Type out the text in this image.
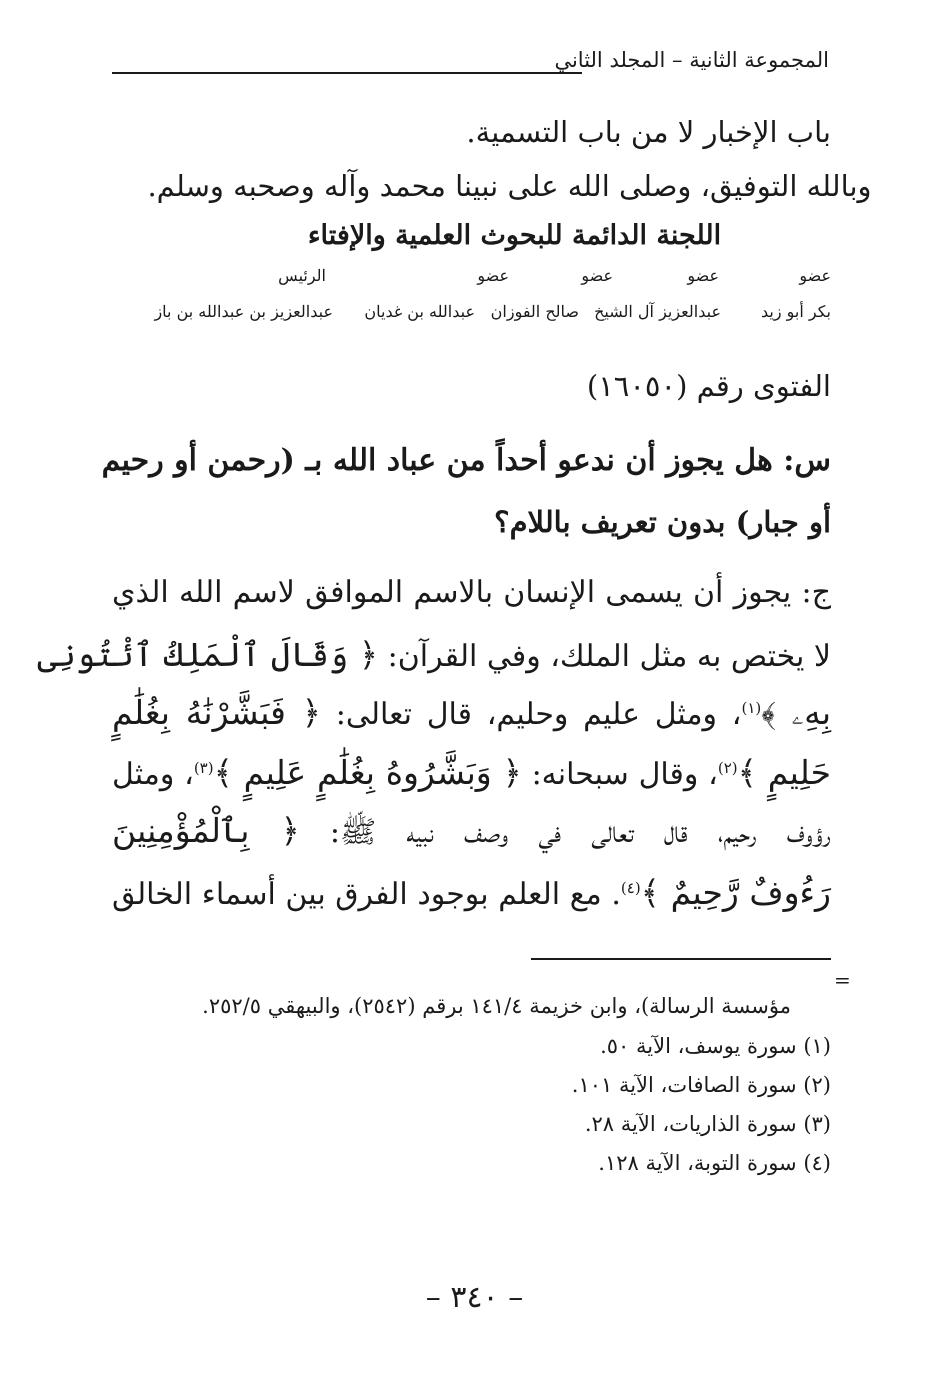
المجموعة الثانية – المجلد الثاني
باب الإخبار لا من باب التسمية.
وبالله التوفيق، وصلى الله على نبينا محمد وآله وصحبه وسلم.
اللجنة الدائمة للبحوث العلمية والإفتاء
عضو
عضو
عضو
عضو
الرئيس
بكر أبو زيد
عبدالعزيز آل الشيخ
صالح الفوزان
عبدالله بن غديان
عبدالعزيز بن عبدالله بن باز
الفتوى رقم (١٦٠٥٠)
س: هل يجوز أن ندعو أحداً من عباد الله بـ (رحمن أو رحيم
أو جبار) بدون تعريف باللام؟
ج: يجوز أن يسمى الإنسان بالاسم الموافق لاسم الله الذي
لا يختص به مثل الملك، وفي القرآن: ﴿ وَقَالَ ٱلْمَلِكُ ٱئْتُونِى
بِهِۦ ﴾$^{(١)}$، ومثل عليم وحليم، قال تعالى: ﴿ فَبَشَّرْنَٰهُ بِغُلَٰمٍ
حَلِيمٍ ﴾$^{(٢)}$، وقال سبحانه: ﴿ وَبَشَّرُوهُ بِغُلَٰمٍ عَلِيمٍ ﴾$^{(٣)}$، ومثل
رؤوف رحيم، قال تعالى في وصف نبيه ﷺ: ﴿ بِٱلْمُؤْمِنِينَ
رَءُوفٌ رَّحِيمٌ ﴾$^{(٤)}$. مع العلم بوجود الفرق بين أسماء الخالق
=
مؤسسة الرسالة)، وابن خزيمة ١٤١/٤ برقم (٢٥٤٢)، والبيهقي ٢٥٢/٥.
(١) سورة يوسف، الآية ٥٠.
(٢) سورة الصافات، الآية ١٠١.
(٣) سورة الذاريات، الآية ٢٨.
(٤) سورة التوبة، الآية ١٢٨.
– ٣٤٠ –
